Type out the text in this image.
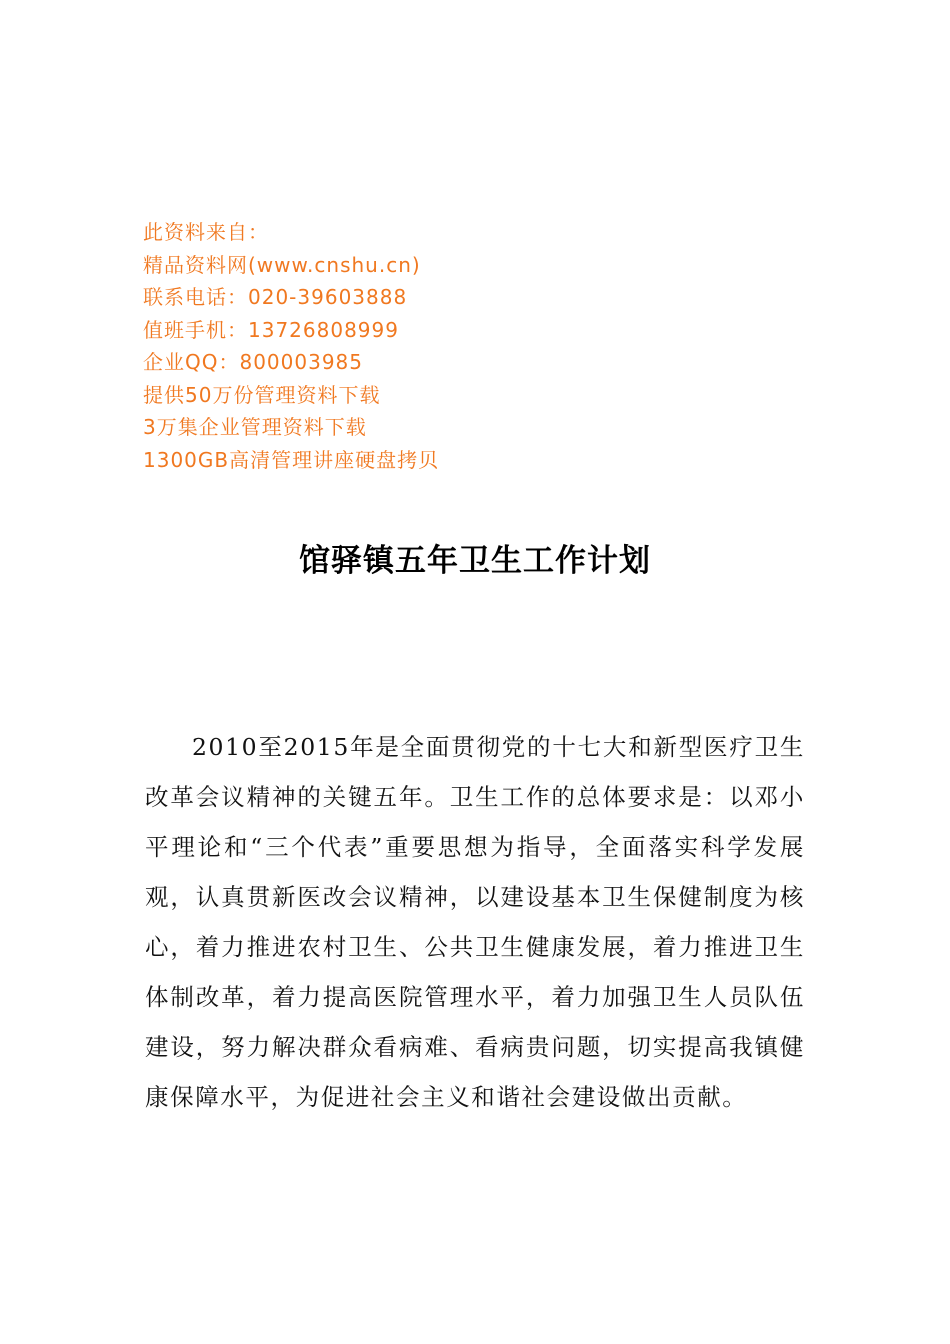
此资料来自：
精品资料网(www.cnshu.cn)
联系电话：020-39603888
值班手机：13726808999
企业QQ：800003985
提供50万份管理资料下载
3万集企业管理资料下载
1300GB高清管理讲座硬盘拷贝
馆驿镇五年卫生工作计划

2010至2015年是全面贯彻党的十七大和新型医疗卫生改革会议精神的关键五年。卫生工作的总体要求是：以邓小平理论和“三个代表”重要思想为指导，全面落实科学发展观，认真贯新医改会议精神，以建设基本卫生保健制度为核心，着力推进农村卫生、公共卫生健康发展，着力推进卫生体制改革，着力提高医院管理水平，着力加强卫生人员队伍建设，努力解决群众看病难、看病贵问题，切实提高我镇健康保障水平，为促进社会主义和谐社会建设做出贡献。
